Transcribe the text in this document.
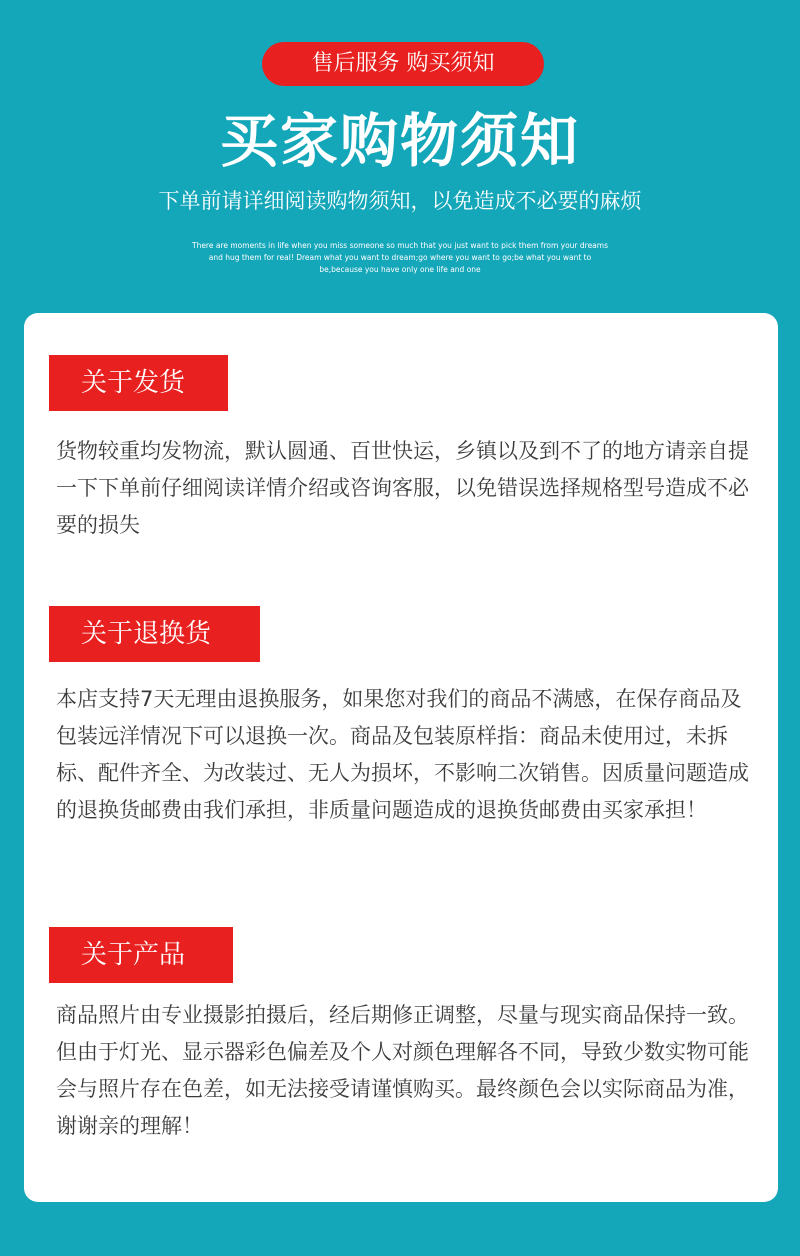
售后服务 购买须知
买家购物须知
下单前请详细阅读购物须知，以免造成不必要的麻烦
There are moments in life when you miss someone so much that you just want to pick them from your dreams and hug them for real! Dream what you want to dream;go where you want to go;be what you want to be,because you have only one life and one
关于发货
货物较重均发物流，默认圆通、百世快运，乡镇以及到不了的地方请亲自提一下下单前仔细阅读详情介绍或咨询客服，以免错误选择规格型号造成不必要的损失
关于退换货
本店支持7天无理由退换服务，如果您对我们的商品不满感，在保存商品及包装远洋情况下可以退换一次。商品及包装原样指：商品未使用过，未拆标、配件齐全、为改装过、无人为损坏，不影响二次销售。因质量问题造成的退换货邮费由我们承担，非质量问题造成的退换货邮费由买家承担！
关于产品
商品照片由专业摄影拍摄后，经后期修正调整，尽量与现实商品保持一致。但由于灯光、显示器彩色偏差及个人对颜色理解各不同，导致少数实物可能会与照片存在色差，如无法接受请谨慎购买。最终颜色会以实际商品为准，谢谢亲的理解！
